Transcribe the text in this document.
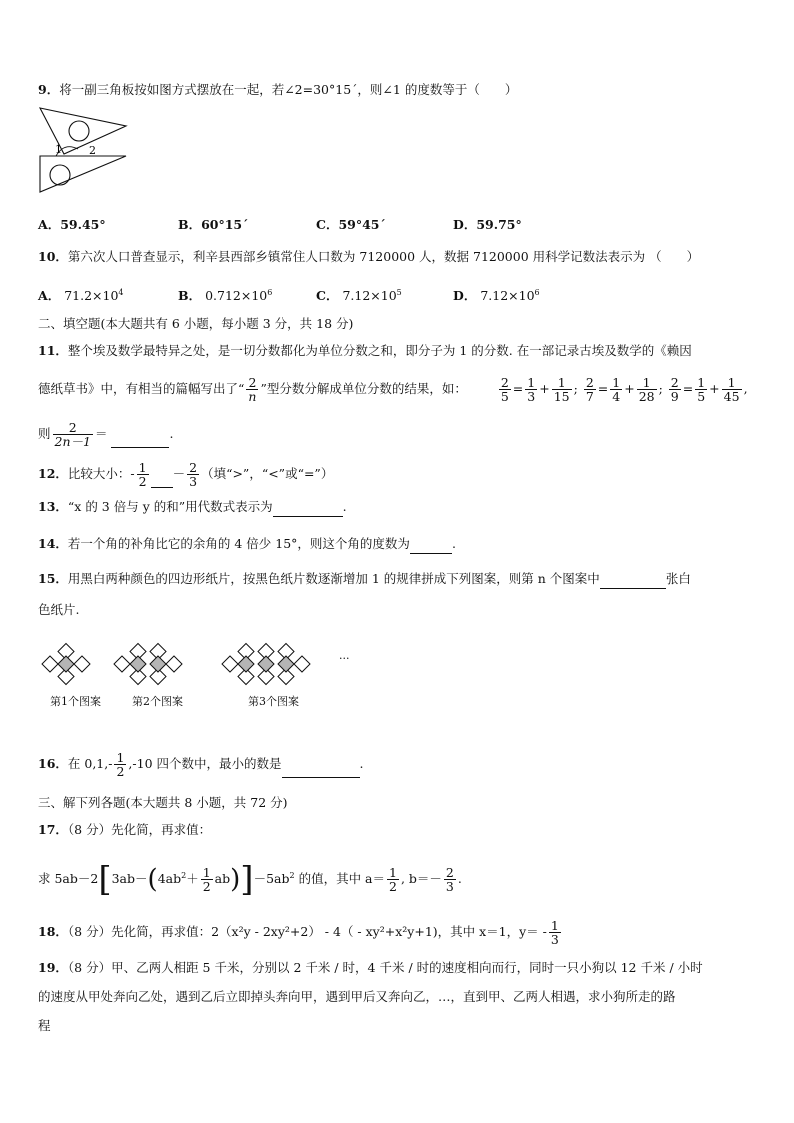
9．将一副三角板按如图方式摆放在一起，若∠2=30°15´，则∠1 的度数等于（　　）
1 2
A．59.45°	B．60°15´	C．59°45´	D．59.75°
10．第六次人口普查显示，利辛县西部乡镇常住人口数为 7120000 人，数据 7120000 用科学记数法表示为 （　　）
A． $71.2\times 10^4$	B． $0.712\times 10^6$	C． $7.12\times 10^5$	D． $7.12\times 10^6$
二、填空题(本大题共有 6 小题，每小题 3 分，共 18 分)
11．整个埃及数学最特异之处，是一切分数都化为单位分数之和，即分子为 1 的分数. 在一部记录古埃及数学的《赖因
德纸草书》中，有相当的篇幅写出了“ $\frac{2}{n}$ ”型分数分解成单位分数的结果，如：	$\frac{2}{5} = \frac{1}{3} + \frac{1}{15}$ ; $\frac{2}{7} = \frac{1}{4} + \frac{1}{28}$ ; $\frac{2}{9} = \frac{1}{5} + \frac{1}{45}$ ,
则 $\frac{2}{2n-1}$ ＝	.
12．比较大小：- $\frac{1}{2} - \frac{2}{3}$ （填“>”，“<”或“=”）
13．“x 的 3 倍与 y 的和”用代数式表示为	.
14．若一个角的补角比它的余角的 4 倍少 15°，则这个角的度数为	.
15．用黑白两种颜色的四边形纸片，按黑色纸片数逐渐增加 1 的规律拼成下列图案，则第 n 个图案中	张白
色纸片.
第1个图案	第2个图案	第3个图案
···
16．在 $0,1,- \frac{1}{2} ,-10$ 四个数中，最小的数是	.
三、解下列各题(本大题共 8 小题，共 72 分)
17．（8 分）先化简，再求值：
求 $5ab-2[3ab-(4ab^2+ \frac{1}{2} ab)]-5ab^2$ 的值，其中 $a= \frac{1}{2}$ , $b=- \frac{2}{3}$ .
18．（8 分）先化简，再求值：2（x²y - 2xy²+2） - 4（ - xy²+x²y+1)，其中 x＝1，$y= - \frac{1}{3}$
19．（8 分）甲、乙两人相距 5 千米，分别以 2 千米 / 时，4 千米 / 时的速度相向而行，同时一只小狗以 12 千米 / 小时
的速度从甲处奔向乙处，遇到乙后立即掉头奔向甲，遇到甲后又奔向乙，…，直到甲、乙两人相遇，求小狗所走的路
程
